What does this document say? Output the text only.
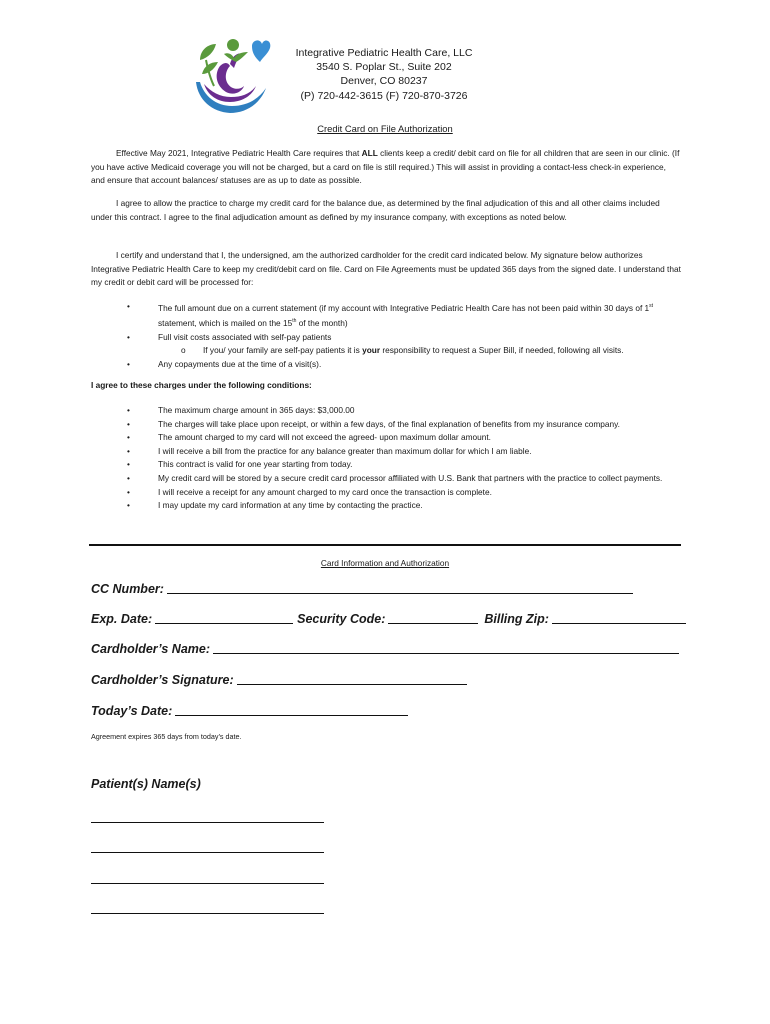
Integrative Pediatric Health Care, LLC
3540 S. Poplar St., Suite 202
Denver, CO 80237
(P) 720-442-3615 (F) 720-870-3726
Credit Card on File Authorization
Effective May 2021, Integrative Pediatric Health Care requires that ALL clients keep a credit/ debit card on file for all children that are seen in our clinic. (If you have active Medicaid coverage you will not be charged, but a card on file is still required.) This will assist in providing a contact-less check-in experience, and ensure that account balances/ statuses are as up to date as possible.
I agree to allow the practice to charge my credit card for the balance due, as determined by the final adjudication of this and all other claims included under this contract. I agree to the final adjudication amount as defined by my insurance company, with exceptions as noted below.
I certify and understand that I, the undersigned, am the authorized cardholder for the credit card indicated below. My signature below authorizes Integrative Pediatric Health Care to keep my credit/debit card on file. Card on File Agreements must be updated 365 days from the signed date. I understand that my credit or debit card will be processed for:
•	The full amount due on a current statement (if my account with Integrative Pediatric Health Care has not been paid within 30 days of 1st statement, which is mailed on the 15th of the month)
•	Full visit costs associated with self-pay patients
o If you/ your family are self-pay patients it is your responsibility to request a Super Bill, if needed, following all visits.
•	Any copayments due at the time of a visit(s).
I agree to these charges under the following conditions:
•	The maximum charge amount in 365 days: $3,000.00
•	The charges will take place upon receipt, or within a few days, of the final explanation of benefits from my insurance company.
•	The amount charged to my card will not exceed the agreed- upon maximum dollar amount.
•	I will receive a bill from the practice for any balance greater than maximum dollar for which I am liable.
•	This contract is valid for one year starting from today.
•	My credit card will be stored by a secure credit card processor affiliated with U.S. Bank that partners with the practice to collect payments.
•	I will receive a receipt for any amount charged to my card once the transaction is complete.
•	I may update my card information at any time by contacting the practice.
Card Information and Authorization
CC Number:
Exp. Date:	Security Code:	Billing Zip:
Cardholder’s Name:
Cardholder’s Signature:
Today’s Date:
Agreement expires 365 days from today’s date.
Patient(s) Name(s)
